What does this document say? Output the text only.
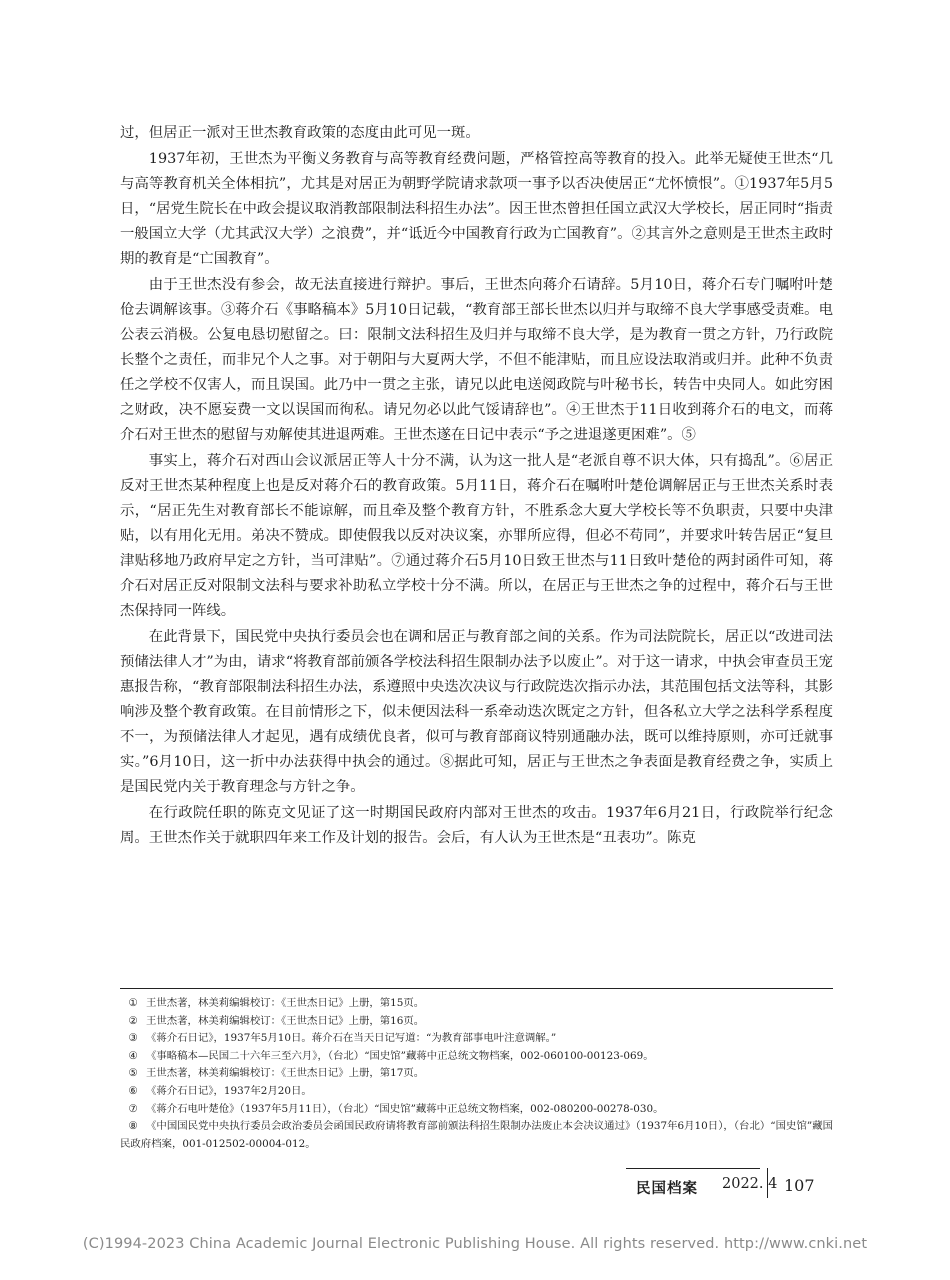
过，但居正一派对王世杰教育政策的态度由此可见一斑。

1937年初，王世杰为平衡义务教育与高等教育经费问题，严格管控高等教育的投入。此举无疑使王世杰“几与高等教育机关全体相抗”，尤其是对居正为朝野学院请求款项一事予以否决使居正“尤怀愤恨”。①1937年5月5日，“居党生院长在中政会提议取消教部限制法科招生办法”。因王世杰曾担任国立武汉大学校长，居正同时“指责一般国立大学（尤其武汉大学）之浪费”，并“诋近今中国教育行政为亡国教育”。②其言外之意则是王世杰主政时期的教育是“亡国教育”。

由于王世杰没有参会，故无法直接进行辩护。事后，王世杰向蒋介石请辞。5月10日，蒋介石专门嘱咐叶楚伧去调解该事。③蒋介石《事略稿本》5月10日记载，“教育部王部长世杰以归并与取缔不良大学事感受责难。电公表云消极。公复电恳切慰留之。曰：限制文法科招生及归并与取缔不良大学，是为教育一贯之方针，乃行政院长整个之责任，而非兄个人之事。对于朝阳与大夏两大学，不但不能津贴，而且应设法取消或归并。此种不负责任之学校不仅害人，而且误国。此乃中一贯之主张，请兄以此电送阅政院与叶秘书长，转告中央同人。如此穷困之财政，决不愿妄费一文以误国而徇私。请兄勿必以此气馁请辞也”。④王世杰于11日收到蒋介石的电文，而蒋介石对王世杰的慰留与劝解使其进退两难。王世杰遂在日记中表示“予之进退遂更困难”。⑤

事实上，蒋介石对西山会议派居正等人十分不满，认为这一批人是“老派自尊不识大体，只有捣乱”。⑥居正反对王世杰某种程度上也是反对蒋介石的教育政策。5月11日，蒋介石在嘱咐叶楚伧调解居正与王世杰关系时表示，“居正先生对教育部长不能谅解，而且牵及整个教育方针，不胜系念大夏大学校长等不负职责，只要中央津贴，以有用化无用。弟决不赞成。即使假我以反对决议案，亦罪所应得，但必不苟同”，并要求叶转告居正“复旦津贴移地乃政府早定之方针，当可津贴”。⑦通过蒋介石5月10日致王世杰与11日致叶楚伧的两封函件可知，蒋介石对居正反对限制文法科与要求补助私立学校十分不满。所以，在居正与王世杰之争的过程中，蒋介石与王世杰保持同一阵线。

在此背景下，国民党中央执行委员会也在调和居正与教育部之间的关系。作为司法院院长，居正以“改进司法预储法律人才”为由，请求“将教育部前颁各学校法科招生限制办法予以废止”。对于这一请求，中执会审查员王宠惠报告称，“教育部限制法科招生办法，系遵照中央迭次决议与行政院迭次指示办法，其范围包括文法等科，其影响涉及整个教育政策。在目前情形之下，似未便因法科一系牵动迭次既定之方针，但各私立大学之法科学系程度不一，为预储法律人才起见，遇有成绩优良者，似可与教育部商议特别通融办法，既可以维持原则，亦可迁就事实。”6月10日，这一折中办法获得中执会的通过。⑧据此可知，居正与王世杰之争表面是教育经费之争，实质上是国民党内关于教育理念与方针之争。

在行政院任职的陈克文见证了这一时期国民政府内部对王世杰的攻击。1937年6月21日，行政院举行纪念周。王世杰作关于就职四年来工作及计划的报告。会后，有人认为王世杰是“丑表功”。陈克

① 王世杰著，林美莉编辑校订：《王世杰日记》上册，第15页。
② 王世杰著，林美莉编辑校订：《王世杰日记》上册，第16页。
③ 《蒋介石日记》，1937年5月10日。蒋介石在当天日记写道：“为教育部事电叶注意调解。”
④ 《事略稿本—民国二十六年三至六月》，（台北）“国史馆”藏蒋中正总统文物档案，002-060100-00123-069。
⑤ 王世杰著，林美莉编辑校订：《王世杰日记》上册，第17页。
⑥ 《蒋介石日记》，1937年2月20日。
⑦ 《蒋介石电叶楚伧》（1937年5月11日），（台北）“国史馆”藏蒋中正总统文物档案，002-080200-00278-030。
⑧ 《中国国民党中央执行委员会政治委员会函国民政府请将教育部前颁法科招生限制办法废止本会决议通过》（1937年6月10日），（台北）“国史馆”藏国民政府档案，001-012502-00004-012。
民国档案 2022. 4 107
(C)1994-2023 China Academic Journal Electronic Publishing House. All rights reserved. http://www.cnki.net
